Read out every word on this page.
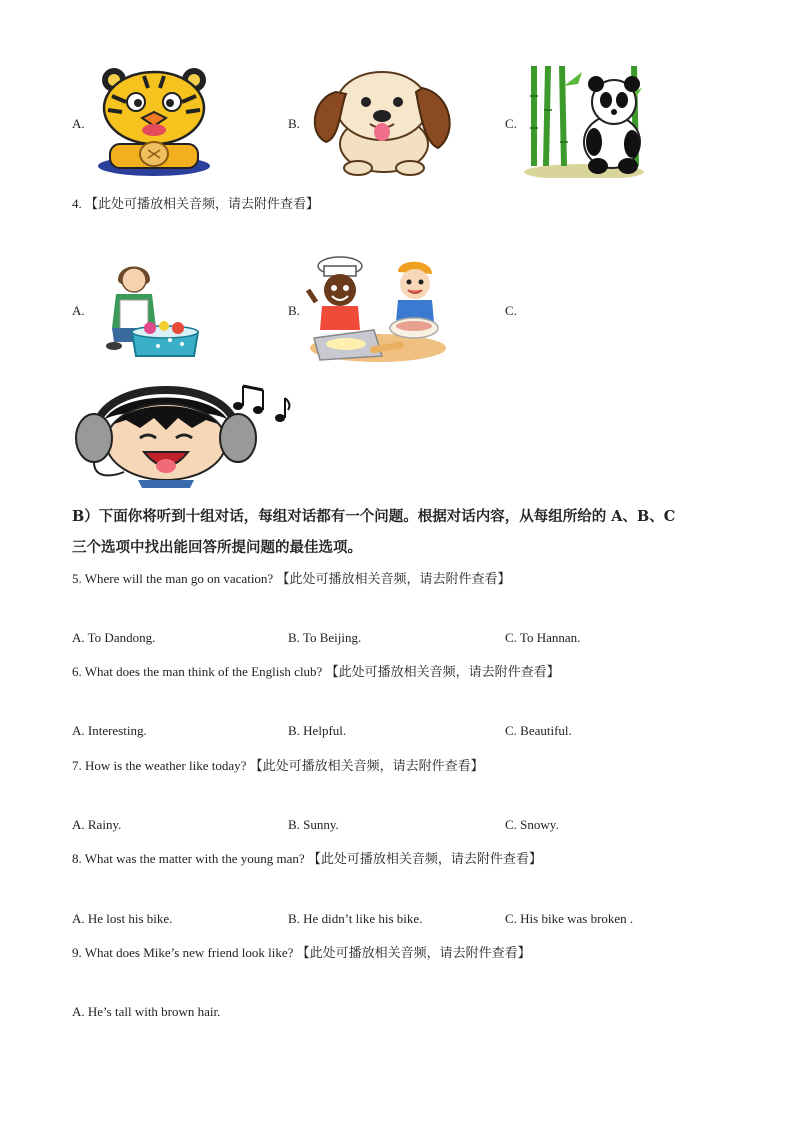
A.	B.	C.
4. 【此处可播放相关音频，请去附件查看】
A.	B.	C.
B）下面你将听到十组对话，每组对话都有一个问题。根据对话内容，从每组所给的 A、B、C
三个选项中找出能回答所提问题的最佳选项。
5. Where will the man go on vacation? 【此处可播放相关音频，请去附件查看】
A. To Dandong.	B. To Beijing.	C. To Hannan.
6. What does the man think of the English club? 【此处可播放相关音频，请去附件查看】
A. Interesting.	B. Helpful.	C. Beautiful.
7. How is the weather like today? 【此处可播放相关音频，请去附件查看】
A. Rainy.	B. Sunny.	C. Snowy.
8. What was the matter with the young man? 【此处可播放相关音频，请去附件查看】
A. He lost his bike.	B. He didn’t like his bike.	C. His bike was broken .
9. What does Mike’s new friend look like? 【此处可播放相关音频，请去附件查看】
A. He’s tall with brown hair.
